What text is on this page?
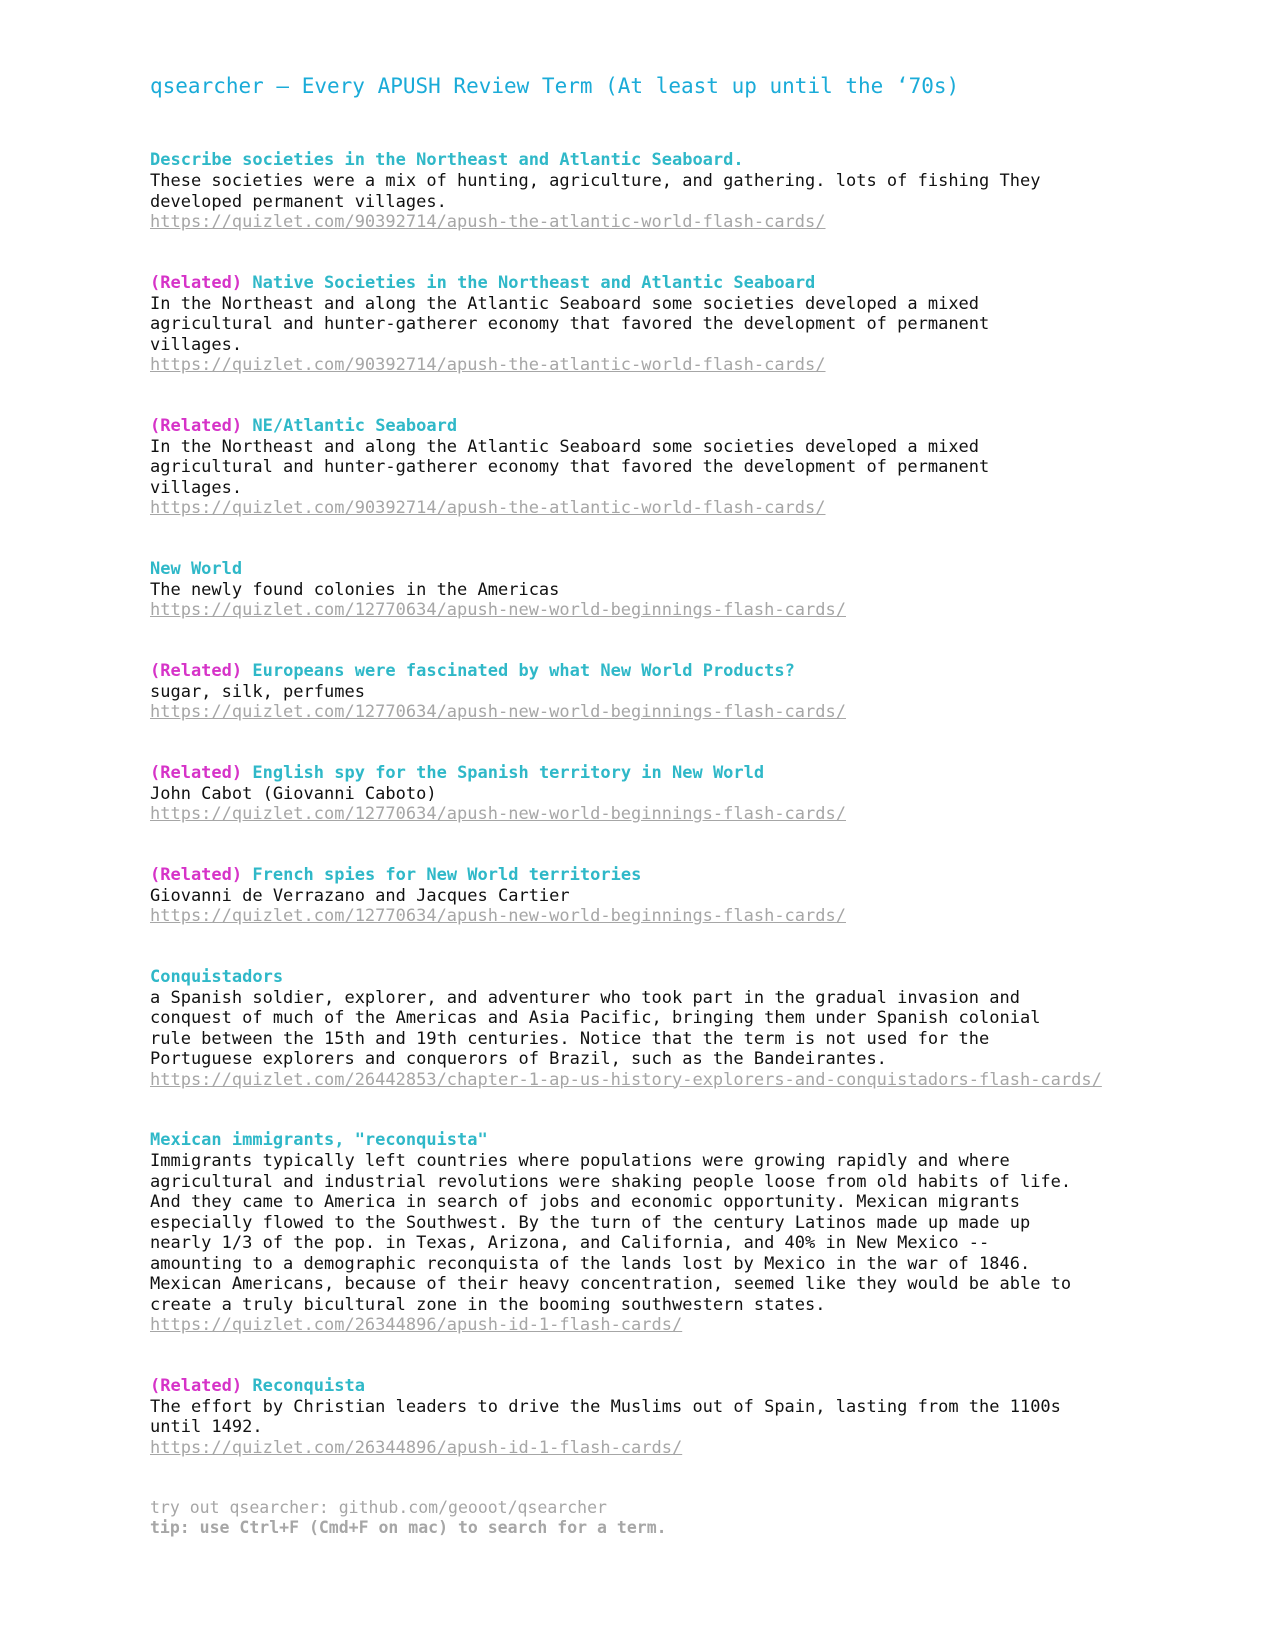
qsearcher – Every APUSH Review Term (At least up until the ‘70s)

Describe societies in the Northeast and Atlantic Seaboard.

These societies were a mix of hunting, agriculture, and gathering. lots of fishing They
developed permanent villages.

https://quizlet.com/90392714/apush-the-atlantic-world-flash-cards/

(Related) Native Societies in the Northeast and Atlantic Seaboard

In the Northeast and along the Atlantic Seaboard some societies developed a mixed
agricultural and hunter-gatherer economy that favored the development of permanent
villages.

https://quizlet.com/90392714/apush-the-atlantic-world-flash-cards/

(Related) NE/Atlantic Seaboard

In the Northeast and along the Atlantic Seaboard some societies developed a mixed
agricultural and hunter-gatherer economy that favored the development of permanent
villages.

https://quizlet.com/90392714/apush-the-atlantic-world-flash-cards/

New World

The newly found colonies in the Americas

https://quizlet.com/12770634/apush-new-world-beginnings-flash-cards/

(Related) Europeans were fascinated by what New World Products?

sugar, silk, perfumes

https://quizlet.com/12770634/apush-new-world-beginnings-flash-cards/

(Related) English spy for the Spanish territory in New World

John Cabot (Giovanni Caboto)

https://quizlet.com/12770634/apush-new-world-beginnings-flash-cards/

(Related) French spies for New World territories

Giovanni de Verrazano and Jacques Cartier

https://quizlet.com/12770634/apush-new-world-beginnings-flash-cards/

Conquistadors

a Spanish soldier, explorer, and adventurer who took part in the gradual invasion and
conquest of much of the Americas and Asia Pacific, bringing them under Spanish colonial
rule between the 15th and 19th centuries. Notice that the term is not used for the
Portuguese explorers and conquerors of Brazil, such as the Bandeirantes.

https://quizlet.com/26442853/chapter-1-ap-us-history-explorers-and-conquistadors-flash-cards/

Mexican immigrants, "reconquista"

Immigrants typically left countries where populations were growing rapidly and where
agricultural and industrial revolutions were shaking people loose from old habits of life.
And they came to America in search of jobs and economic opportunity. Mexican migrants
especially flowed to the Southwest. By the turn of the century Latinos made up made up
nearly 1/3 of the pop. in Texas, Arizona, and California, and 40% in New Mexico --
amounting to a demographic reconquista of the lands lost by Mexico in the war of 1846.
Mexican Americans, because of their heavy concentration, seemed like they would be able to
create a truly bicultural zone in the booming southwestern states.

https://quizlet.com/26344896/apush-id-1-flash-cards/

(Related) Reconquista

The effort by Christian leaders to drive the Muslims out of Spain, lasting from the 1100s
until 1492.

https://quizlet.com/26344896/apush-id-1-flash-cards/
try out qsearcher: github.com/geooot/qsearcher
tip: use Ctrl+F (Cmd+F on mac) to search for a term.
